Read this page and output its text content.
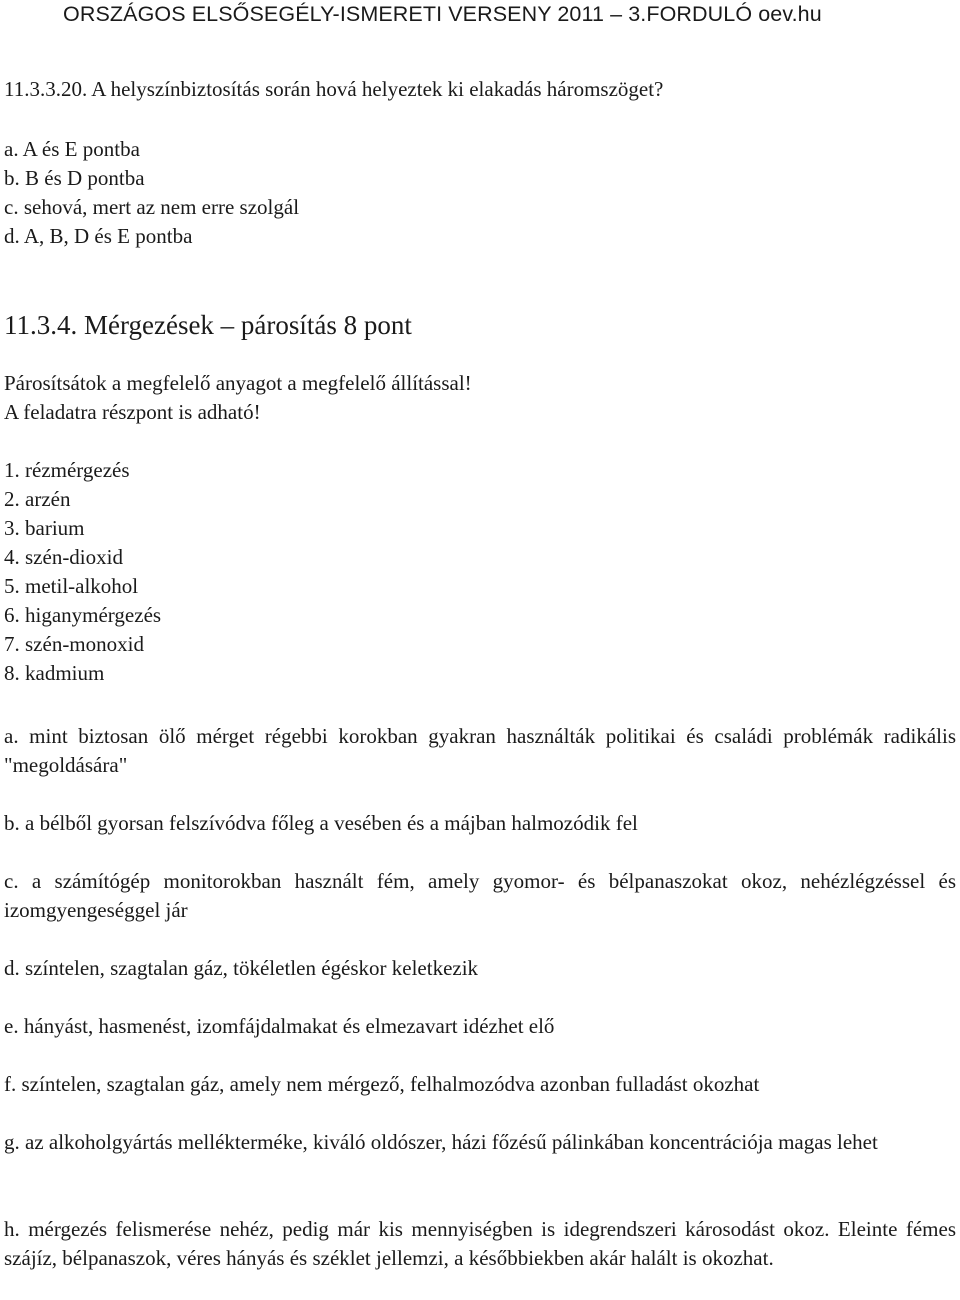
ORSZÁGOS ELSŐSEGÉLY-ISMERETI VERSENY 2011 – 3.FORDULÓ oev.hu
11.3.3.20. A helyszínbiztosítás során hová helyeztek ki elakadás háromszöget?
a. A és E pontba
b. B és D pontba
c. sehová, mert az nem erre szolgál
d. A, B, D és E pontba
11.3.4. Mérgezések – párosítás 8 pont
Párosítsátok a megfelelő anyagot a megfelelő állítással!
A feladatra részpont is adható!
1. rézmérgezés
2. arzén
3. barium
4. szén-dioxid
5. metil-alkohol
6. higanymérgezés
7. szén-monoxid
8. kadmium
a. mint biztosan ölő mérget régebbi korokban gyakran használták politikai és családi problémák radikális "megoldására"
b. a bélből gyorsan felszívódva főleg a vesében és a májban halmozódik fel
c. a számítógép monitorokban használt fém, amely gyomor- és bélpanaszokat okoz, nehézlégzéssel és izomgyengeséggel jár
d. színtelen, szagtalan gáz, tökéletlen égéskor keletkezik
e. hányást, hasmenést, izomfájdalmakat és elmezavart idézhet elő
f. színtelen, szagtalan gáz, amely nem mérgező, felhalmozódva azonban fulladást okozhat
g. az alkoholgyártás mellékterméke, kiváló oldószer, házi főzésű pálinkában koncentrációja magas lehet
h. mérgezés felismerése nehéz, pedig már kis mennyiségben is idegrendszeri károsodást okoz. Eleinte fémes szájíz, bélpanaszok, véres hányás és széklet jellemzi, a későbbiekben akár halált is okozhat.
